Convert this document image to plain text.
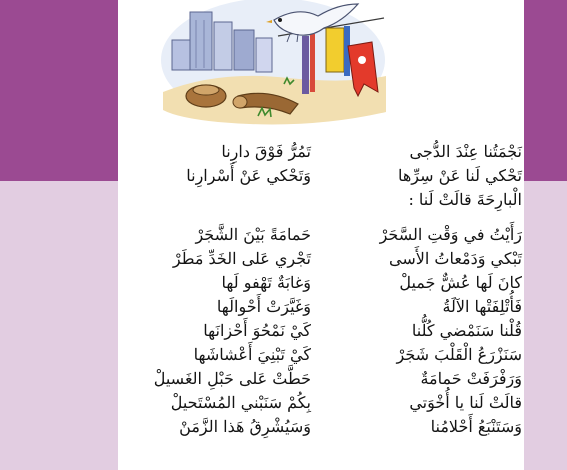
نَجْمَتُنا عِنْدَ الدُّجى
تَحْكي لَنا عَنْ سِرِّها
الْبارِحَةَ قالَتْ لَنا :
رَأَيْتُ في وَقْتِ السَّحَرْ
تَبْكي وَدَمْعاتُ الأَسى
كانَ لَها عُشٌّ جَميلْ
فَأُتْلِفَتْها الآلَةُ
قُلْنا سَنَمْضي كُلُّنا
سَنَزْرَعُ الْقَلْبَ شَجَرْ
وَرَفْرَفَتْ حَمامَةٌ
قالَتْ لَنا يا أُخْوَتي
وَسَتَنْبَعُ أَحْلامُنا
تَمُرُّ فَوْقَ دارِنا
وَتَحْكي عَنْ أَسْرارِنا
حَمامَةً بَيْنَ الشَّجَرْ
تَجْري عَلى الخَدِّ مَطَرْ
وَغابَةٌ تَهْفو لَها
وَغَيَّرَتْ أَحْوالَها
كَيْ نَمْحُوَ أَحْزانَها
كَيْ تَبْنِيَ أَعْشاشَها
حَطَّتْ عَلى حَبْلِ الغَسيلْ
بِكُمْ سَنَبْني المُسْتَحيلْ
وَسَيُشْرِقُ هَذا الزَّمَنْ
